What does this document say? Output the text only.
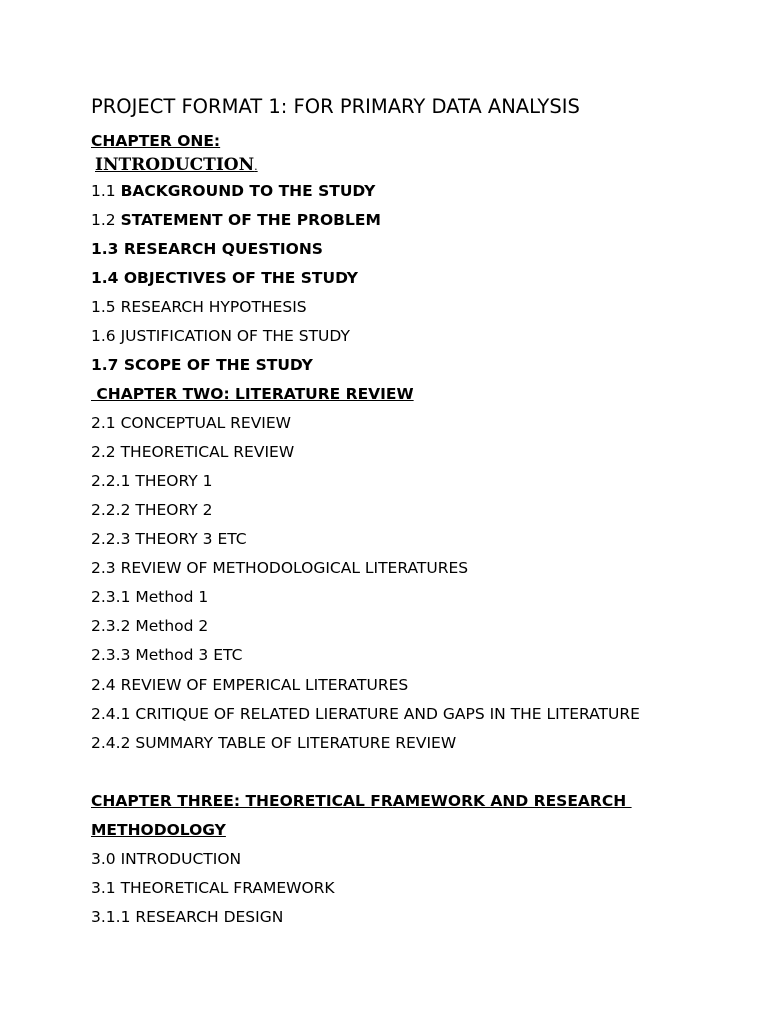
PROJECT FORMAT 1: FOR PRIMARY DATA ANALYSIS
CHAPTER ONE:
INTRODUCTION.
1.1 BACKGROUND TO THE STUDY
1.2 STATEMENT OF THE PROBLEM
1.3 RESEARCH QUESTIONS
1.4 OBJECTIVES OF THE STUDY
1.5 RESEARCH HYPOTHESIS
1.6 JUSTIFICATION OF THE STUDY
1.7 SCOPE OF THE STUDY
CHAPTER TWO: LITERATURE REVIEW
2.1 CONCEPTUAL REVIEW
2.2 THEORETICAL REVIEW
2.2.1 THEORY 1
2.2.2 THEORY 2
2.2.3 THEORY 3 ETC
2.3 REVIEW OF METHODOLOGICAL LITERATURES
2.3.1 Method 1
2.3.2 Method 2
2.3.3 Method 3 ETC
2.4 REVIEW OF EMPERICAL LITERATURES
2.4.1 CRITIQUE OF RELATED LIERATURE AND GAPS IN THE LITERATURE
2.4.2 SUMMARY TABLE OF LITERATURE REVIEW
CHAPTER THREE: THEORETICAL FRAMEWORK AND RESEARCH
METHODOLOGY
3.0 INTRODUCTION
3.1 THEORETICAL FRAMEWORK
3.1.1 RESEARCH DESIGN
